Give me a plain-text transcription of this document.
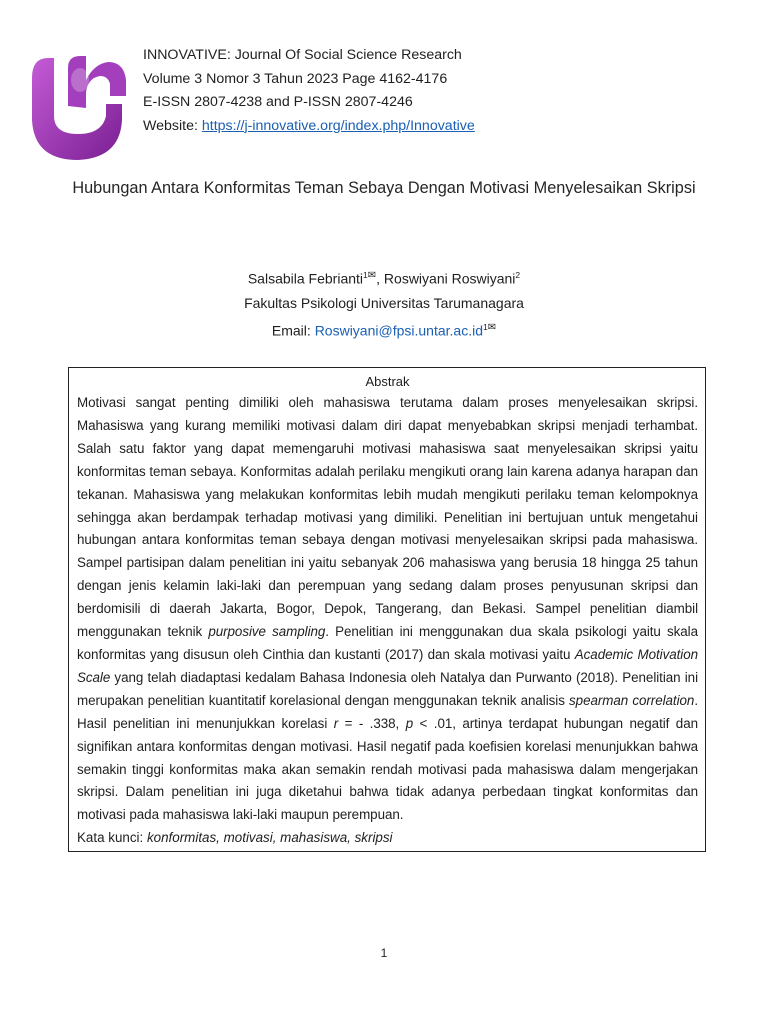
INNOVATIVE: Journal Of Social Science Research
Volume 3 Nomor 3 Tahun 2023 Page 4162-4176
E-ISSN 2807-4238 and P-ISSN 2807-4246
Website: https://j-innovative.org/index.php/Innovative
Hubungan Antara Konformitas Teman Sebaya Dengan Motivasi Menyelesaikan Skripsi
Salsabila Febrianti$^{1✉}$, Roswiyani Roswiyani$^2$
Fakultas Psikologi Universitas Tarumanagara
Email: $Roswiyani@fpsi.untar.ac.id^{1✉}$
Abstrak
Motivasi sangat penting dimiliki oleh mahasiswa terutama dalam proses menyelesaikan skripsi. Mahasiswa yang kurang memiliki motivasi dalam diri dapat menyebabkan skripsi menjadi terhambat. Salah satu faktor yang dapat memengaruhi motivasi mahasiswa saat menyelesaikan skripsi yaitu konformitas teman sebaya. Konformitas adalah perilaku mengikuti orang lain karena adanya harapan dan tekanan. Mahasiswa yang melakukan konformitas lebih mudah mengikuti perilaku teman kelompoknya sehingga akan berdampak terhadap motivasi yang dimiliki. Penelitian ini bertujuan untuk mengetahui hubungan antara konformitas teman sebaya dengan motivasi menyelesaikan skripsi pada mahasiswa. Sampel partisipan dalam penelitian ini yaitu sebanyak 206 mahasiswa yang berusia 18 hingga 25 tahun dengan jenis kelamin laki-laki dan perempuan yang sedang dalam proses penyusunan skripsi dan berdomisili di daerah Jakarta, Bogor, Depok, Tangerang, dan Bekasi. Sampel penelitian diambil menggunakan teknik purposive sampling. Penelitian ini menggunakan dua skala psikologi yaitu skala konformitas yang disusun oleh Cinthia dan kustanti (2017) dan skala motivasi yaitu Academic Motivation Scale yang telah diadaptasi kedalam Bahasa Indonesia oleh Natalya dan Purwanto (2018). Penelitian ini merupakan penelitian kuantitatif korelasional dengan menggunakan teknik analisis spearman correlation. Hasil penelitian ini menunjukkan korelasi r = - .338, p < .01, artinya terdapat hubungan negatif dan signifikan antara konformitas dengan motivasi. Hasil negatif pada koefisien korelasi menunjukkan bahwa semakin tinggi konformitas maka akan semakin rendah motivasi pada mahasiswa dalam mengerjakan skripsi. Dalam penelitian ini juga diketahui bahwa tidak adanya perbedaan tingkat konformitas dan motivasi pada mahasiswa laki-laki maupun perempuan.
Kata kunci: konformitas, motivasi, mahasiswa, skripsi
1
